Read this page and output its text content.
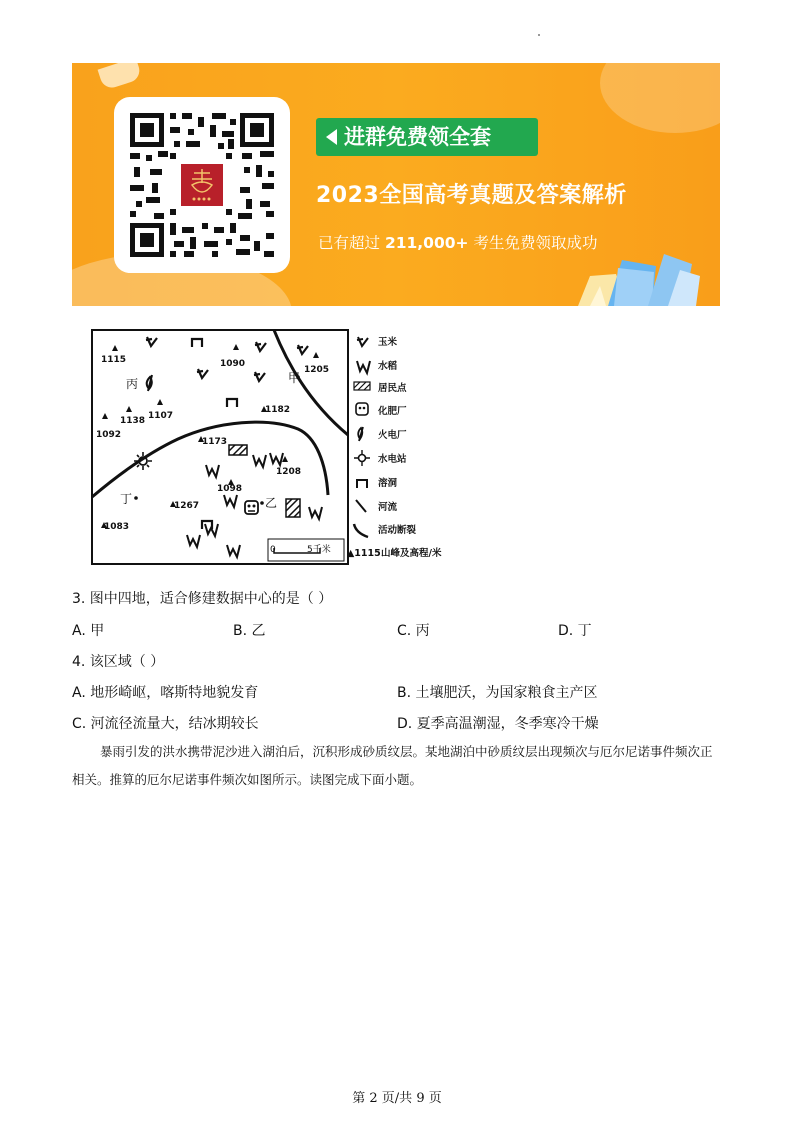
进群免费领全套
2023全国高考真题及答案解析
已有超过 211,000+ 考生免费领取成功
1115	1090
1205
1138 1107
1092
1182
1173
1208
1098
1267
1083
甲
乙
丙
丁
0	5千米
玉米
水稻
居民点
化肥厂
火电厂
水电站
溶洞
河流
活动断裂
▲1115 山峰及高程/米
3. 图中四地，适合修建数据中心的是（ ）
A. 甲	B. 乙	C. 丙	D. 丁
4. 该区域（ ）
A. 地形崎岖，喀斯特地貌发育	B. 土壤肥沃，为国家粮食主产区
C. 河流径流量大，结冰期较长	D. 夏季高温潮湿，冬季寒冷干燥
暴雨引发的洪水携带泥沙进入湖泊后，沉积形成砂质纹层。某地湖泊中砂质纹层出现频次与厄尔尼诺事件频次正相关。推算的厄尔尼诺事件频次如图所示。读图完成下面小题。
第 2 页/共 9 页
